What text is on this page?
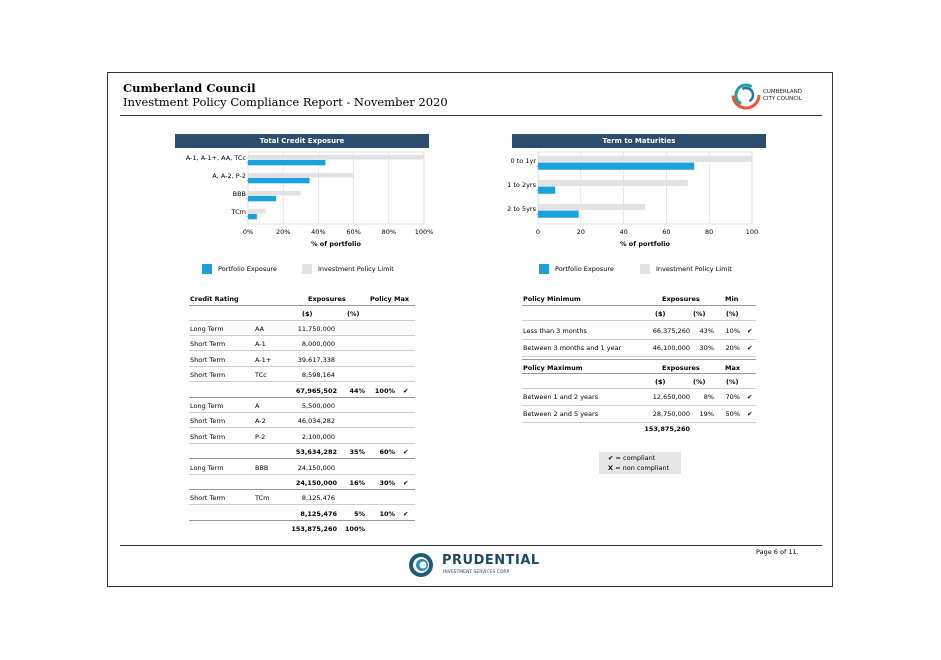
Cumberland Council
Investment Policy Compliance Report - November 2020
CUMBERLAND
CITY COUNCIL
Total Credit Exposure
0%	20%	40%	60%	80%	100%
% of portfolio
A-1, A-1+, AA, TCc
A, A-2, P-2
BBB
TCm
Portfolio Exposure	Investment Policy Limit
Term to Maturities
0	20	40	60	80	100
% of portfolio
0 to 1yr
1 to 2yrs
2 to 5yrs
Portfolio Exposure	Investment Policy Limit
Credit Rating	Exposures	Policy Max
($)	(%)
Long Term	AA	11,750,000
Short Term	A-1	8,000,000
Short Term	A-1+	39,617,338
Short Term	TCc	8,598,164
67,965,502	44%	100% ✔
Long Term	A	5,500,000
Short Term	A-2	46,034,282
Short Term	P-2	2,100,000
53,634,282	35%	60% ✔
Long Term	BBB	24,150,000
24,150,000	16%	30% ✔
Short Term	TCm	8,125,476
8,125,476	5%	10% ✔
153,875,260	100%
Policy Minimum	Exposures	Min
($)	(%)	(%)
Less than 3 months	66,375,260	43%	10% ✔
Between 3 months and 1 year	46,100,000	30%	20% ✔
Policy Maximum	Exposures	Max
($)	(%)	(%)
Between 1 and 2 years	12,650,000	8%	70% ✔
Between 2 and 5 years	28,750,000	19%	50% ✔
153,875,260
✔ = compliant
X = non compliant
Page 6 of 11.
PRUDENTIAL
INVESTMENT SERVICES CORP
